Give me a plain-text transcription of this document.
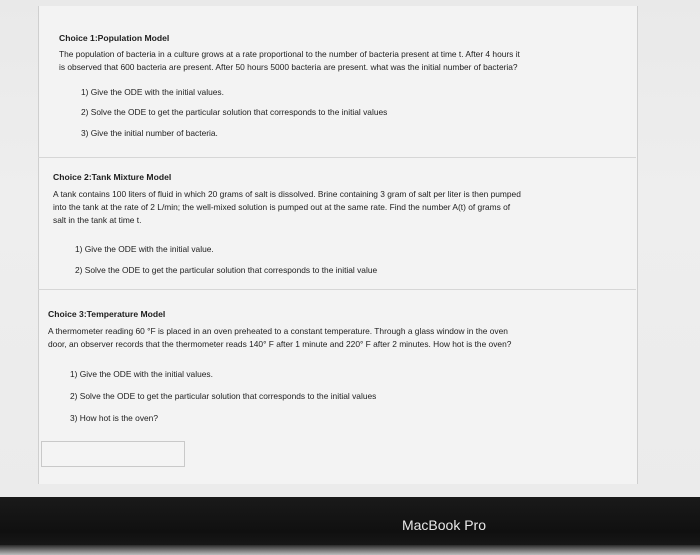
Choice 1:Population Model

The population of bacteria in a culture grows at a rate proportional to the number of bacteria present at time t. After 4 hours it

is observed that 600 bacteria are present. After 50 hours 5000 bacteria are present. what was the initial number of bacteria?

1) Give the ODE with the initial values.

2) Solve the ODE to get the particular solution that corresponds to the initial values

3) Give the initial number of bacteria.

Choice 2:Tank Mixture Model

A tank contains 100 liters of fluid in which 20 grams of salt is dissolved. Brine containing 3 gram of salt per liter is then pumped

into the tank at the rate of 2 L/min; the well-mixed solution is pumped out at the same rate. Find the number A(t) of grams of

salt in the tank at time t.

1) Give the ODE with the initial value.

2) Solve the ODE to get the particular solution that corresponds to the initial value

Choice 3:Temperature Model

A thermometer reading 60 °F is placed in an oven preheated to a constant temperature. Through a glass window in the oven

door, an observer records that the thermometer reads 140° F after 1 minute and 220° F after 2 minutes. How hot is the oven?

1) Give the ODE with the initial values.

2) Solve the ODE to get the particular solution that corresponds to the initial values

3) How hot is the oven?

MacBook Pro
